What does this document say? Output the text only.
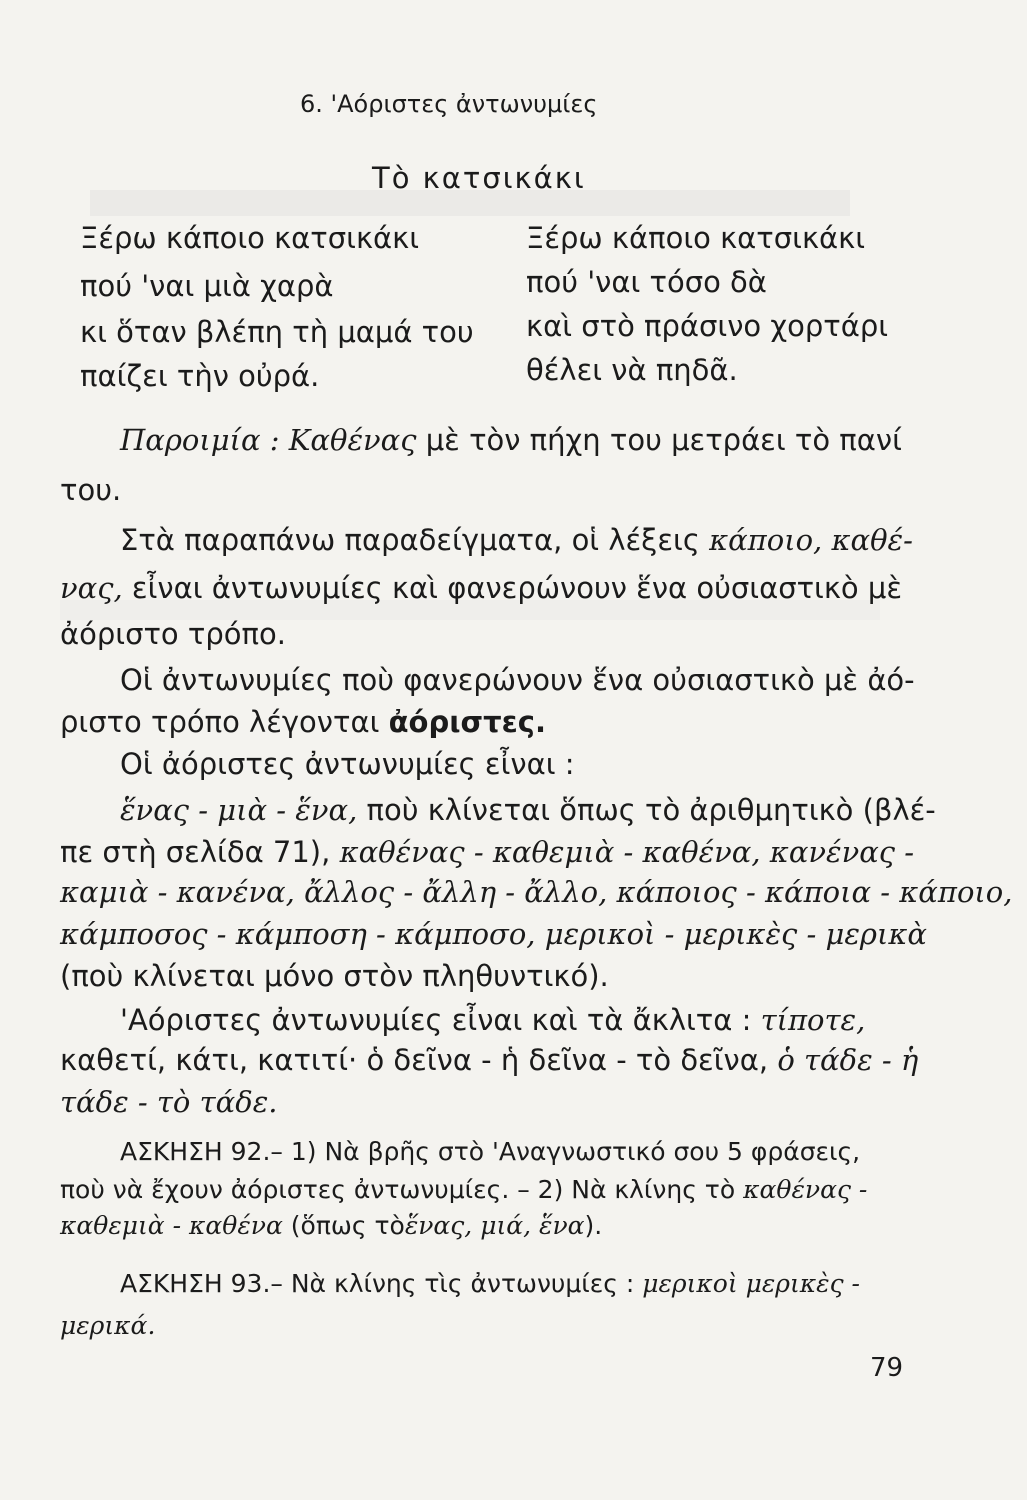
6. 'Αόριστες ἀντωνυμίες
Τὸ κατσικάκι
Ξέρω κάποιο κατσικάκι
πού 'ναι μιὰ χαρὰ
κι ὅταν βλέπη τὴ μαμά του
παίζει τὴν οὐρά.
Ξέρω κάποιο κατσικάκι
πού 'ναι τόσο δὰ
καὶ στὸ πράσινο χορτάρι
θέλει νὰ πηδᾶ.
Παροιμία : Καθένας μὲ τὸν πήχη του μετράει τὸ πανί
του.
Στὰ παραπάνω παραδείγματα, οἱ λέξεις κάποιο, καθέ-
νας, εἶναι ἀντωνυμίες καὶ φανερώνουν ἕνα οὐσιαστικὸ μὲ
ἀόριστο τρόπο.
Οἱ ἀντωνυμίες ποὺ φανερώνουν ἕνα οὐσιαστικὸ μὲ ἀό-
ριστο τρόπο λέγονται ἀόριστες.
Οἱ ἀόριστες ἀντωνυμίες εἶναι :
ἕνας - μιὰ - ἕνα, ποὺ κλίνεται ὅπως τὸ ἀριθμητικὸ (βλέ-
πε στὴ σελίδα 71), καθένας - καθεμιὰ - καθένα, κανένας -
καμιὰ - κανένα, ἄλλος - ἄλλη - ἄλλο, κάποιος - κάποια - κάποιο,
κάμποσος - κάμποση - κάμποσο, μερικοὶ - μερικὲς - μερικὰ
(ποὺ κλίνεται μόνο στὸν πληθυντικό).
'Αόριστες ἀντωνυμίες εἶναι καὶ τὰ ἄκλιτα : τίποτε,
καθετί, κάτι, κατιτί· ὁ δεῖνα - ἡ δεῖνα - τὸ δεῖνα, ὁ τάδε - ἡ
τάδε - τὸ τάδε.
ΑΣΚΗΣΗ 92.– 1) Νὰ βρῆς στὸ 'Αναγνωστικό σου 5 φράσεις,
ποὺ νὰ ἔχουν ἀόριστες ἀντωνυμίες. – 2) Νὰ κλίνης τὸ καθένας -
καθεμιὰ - καθένα (ὅπως τὸἕνας, μιά, ἕνα).
ΑΣΚΗΣΗ 93.– Νὰ κλίνης τὶς ἀντωνυμίες : μερικοὶ μερικὲς -
μερικά.
79
